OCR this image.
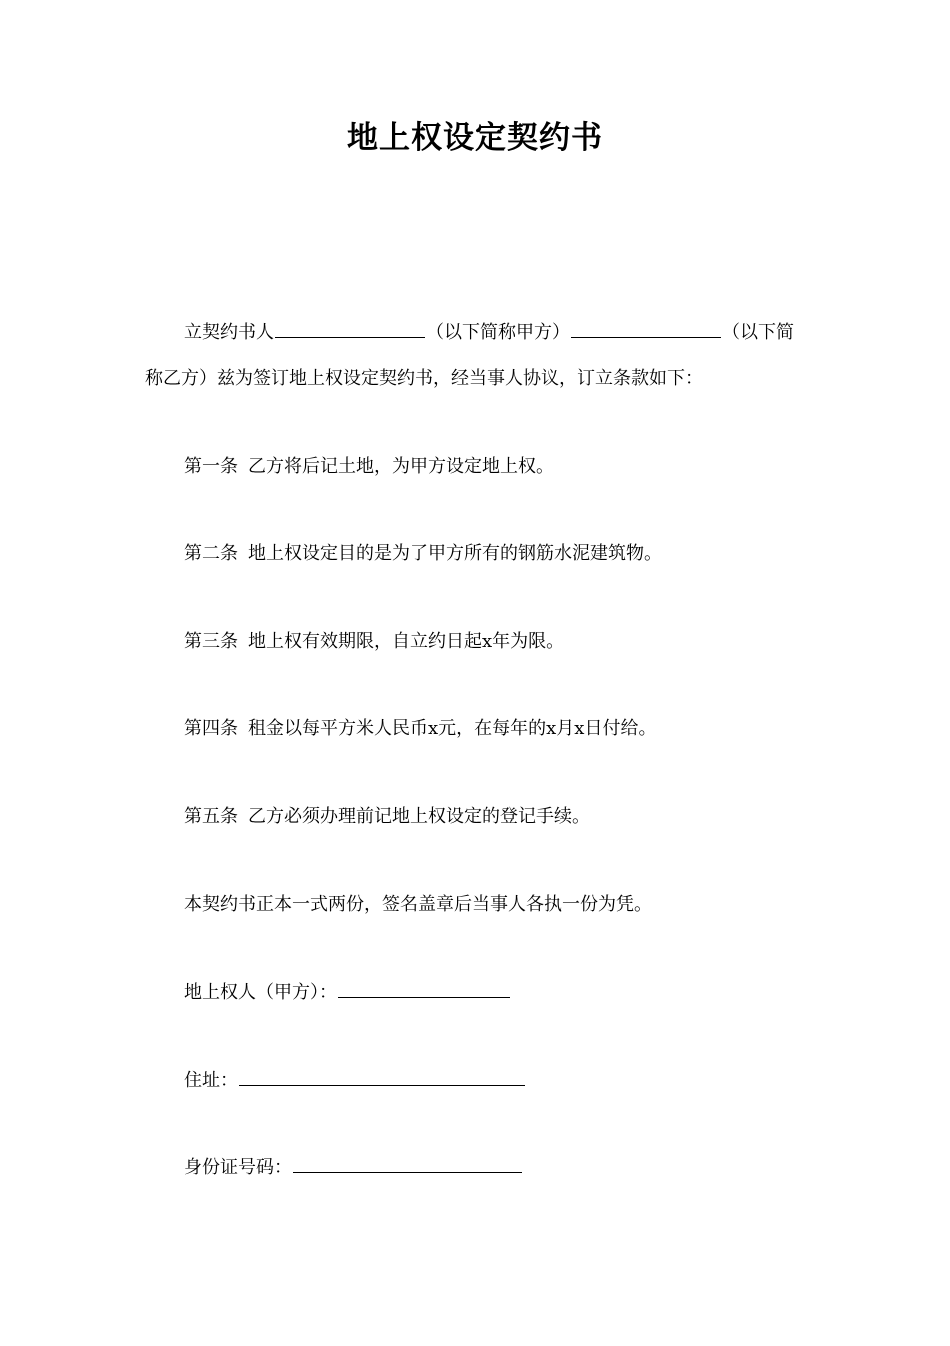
地上权设定契约书
立契约书人	（以下简称甲方）	（以下简
称乙方）兹为签订地上权设定契约书，经当事人协议，订立条款如下：
第一条 乙方将后记土地，为甲方设定地上权。
第二条 地上权设定目的是为了甲方所有的钢筋水泥建筑物。
第三条 地上权有效期限，自立约日起x年为限。
第四条 租金以每平方米人民币x元，在每年的x月x日付给。
第五条 乙方必须办理前记地上权设定的登记手续。
本契约书正本一式两份，签名盖章后当事人各执一份为凭。
地上权人（甲方）：
住址：
身份证号码：
